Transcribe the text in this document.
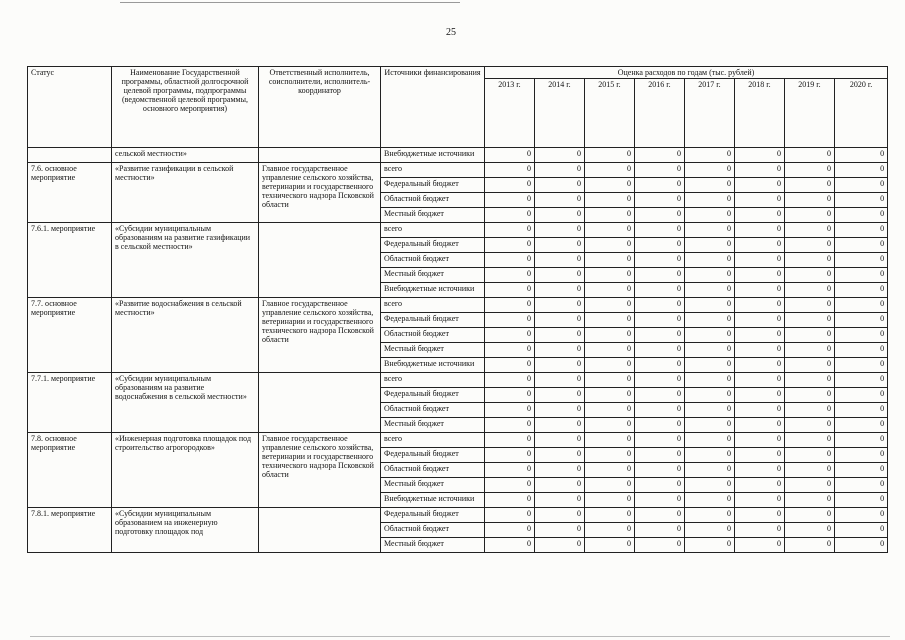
25
Статус	Наименование Государственной программы, областной долгосрочной целевой программы, подпрограммы (ведомственной целевой программы, основного мероприятия)	Ответственный исполнитель, соисполнители, исполнитель-координатор	Источники финансирования	Оценка расходов по годам (тыс. рублей)							
				2013 г.	2014 г.	2015 г.	2016 г.	2017 г.	2018 г.	2019 г.	2020 г.
	сельской местности»		Внебюджетные источники	0	0	0	0	0	0	0	0
7.6. основное мероприятие	«Развитие газификации в сельской местности»	Главное государственное управление сельского хозяйства, ветеринарии и государственного технического надзора Псковской области	всего	0	0	0	0	0	0	0	0
			Федеральный бюджет	0	0	0	0	0	0	0	0
			Областной бюджет	0	0	0	0	0	0	0	0
			Местный бюджет	0	0	0	0	0	0	0	0
7.6.1. мероприятие	«Субсидии муниципальным образованиям на развитие газификации в сельской местности»		всего	0	0	0	0	0	0	0	0
			Федеральный бюджет	0	0	0	0	0	0	0	0
			Областной бюджет	0	0	0	0	0	0	0	0
			Местный бюджет	0	0	0	0	0	0	0	0
			Внебюджетные источники	0	0	0	0	0	0	0	0
7.7. основное мероприятие	«Развитие водоснабжения в сельской местности»	Главное государственное управление сельского хозяйства, ветеринарии и государственного технического надзора Псковской области	всего	0	0	0	0	0	0	0	0
			Федеральный бюджет	0	0	0	0	0	0	0	0
			Областной бюджет	0	0	0	0	0	0	0	0
			Местный бюджет	0	0	0	0	0	0	0	0
			Внебюджетные источники	0	0	0	0	0	0	0	0
7.7.1. мероприятие	«Субсидии муниципальным образованиям на развитие водоснабжения в сельской местности»		всего	0	0	0	0	0	0	0	0
			Федеральный бюджет	0	0	0	0	0	0	0	0
			Областной бюджет	0	0	0	0	0	0	0	0
			Местный бюджет	0	0	0	0	0	0	0	0
7.8. основное мероприятие	«Инженерная подготовка площадок под строительство агрогородков»	Главное государственное управление сельского хозяйства, ветеринарии и государственного технического надзора Псковской области	всего	0	0	0	0	0	0	0	0
			Федеральный бюджет	0	0	0	0	0	0	0	0
			Областной бюджет	0	0	0	0	0	0	0	0
			Местный бюджет	0	0	0	0	0	0	0	0
			Внебюджетные источники	0	0	0	0	0	0	0	0
7.8.1. мероприятие	«Субсидии муниципальным образованием на инженерную подготовку площадок под		Федеральный бюджет	0	0	0	0	0	0	0	0
			Областной бюджет	0	0	0	0	0	0	0	0
			Местный бюджет	0	0	0	0	0	0	0	0
